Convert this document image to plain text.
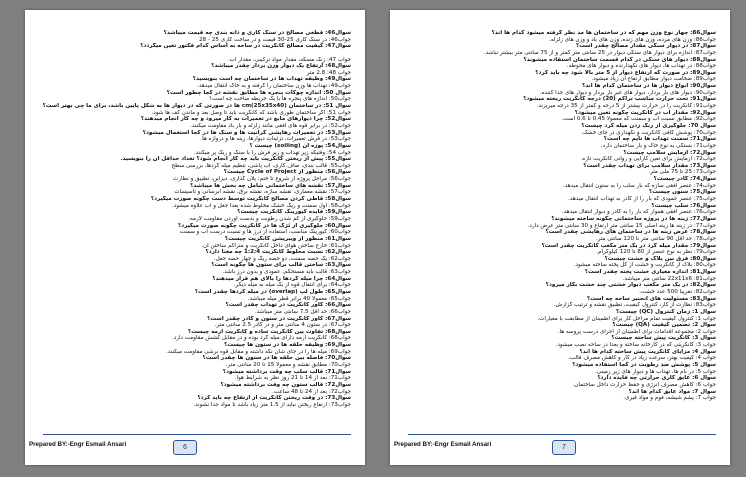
سوال46: قطعی مصالح در سنگ کاری و دانه بندی چه قیمت میباشد؟
جواب46: در سنگ کاری 25-30 قیمت و در ساخت کاری 25 - 28
سوال47: کیفیت مصالح کانکریت در ساحه به اساس کدام فکتور تعین میگردد؟
جواب 47: زنگ مسکه، مقدار مواد ترکیبی، مقدار آب.
سوال48: ارتفاع یک دیوار وزن بردار چقدر میباشد؟
جواب 48: 2.8 متر
سوال49: وظیفه تهداب ها در ساختمان چه است بنویسید؟
جواب49: تهداب ها وزن ساختمان را گرفته و به خاک انتقال میدهد.
سوال 50: اندازه چوکات پنجره ها مطابق نقشه در کجا چطور است؟
جواب50: اندازه های پنجره ها با یک حریطه ساخت چه است؟
سوال 51: در ساختمان (25x35x40)cm ها در صورتی که در دیوار ها به شکل پایین باشد، برای ما چی بهتر است؟
جواب 51: اگر ساختمان طوری باشد که کانکریت باید تا وصل بعد و ماندن کف ها شود.
سوال52: چرا دیوارهای مانع در تعمیرات به کار میرود و چه کار انجام میدهند؟
جواب52: در برابر قوه های افقی مانند زلزله و بار باد مقاومت میکنند.
سوال53: در تعمیرات رهایشی گرانیت ها و سنگ ها در کجا استعمال میشود؟
جواب53: در فرش تعمیرات، تزئینات دیوارها، زینه ها و دروازه ها.
سوال54: پوزه ان (soiling) چیست ؟
جواب 54: وقتیکه زیر تهداب و زیر فرش را با سنگ و ریگ پر میکنند.
سوال55: پیش از ریختن کانکریت باید چه کار انجام شود؟ تعداد حداقل آن را بنویسید.
جواب55: قالب بندی، صاف کاری، آب پاشی، تنظیم میله گردها، بررسی سطح
سوال56: منظور از Cycle of Project چیست؟
جواب56: مراحل پروژه از شروع تا ختم: پلان گذاری، دیزاین، تطبیق و نظارت
سوال57: نقشه های ساختمانی شامل چه بخش ها میباشد؟
جواب57: نقشه معماری، نقشه سازه، نقشه برق، نقشه آبرسانی و تأسیسات
سوال58: قاطی کردن مصالح کانکریت توسط دست چگونه صورت میگیرد؟
جواب58: اول سمنت و ریگ خشک مخلوط شده بعداً جغل و آب علاوه میشود.
سوال59: فایده کیورینگ کانکریت چیست؟
جواب59: جلوگیری از کم شدن رطوبت و بدست آوردن مقاومت لازمه.
سوال60: جلوگیری از تَرَک ها در کانکریت چگونه صورت میگیرد؟
جواب60: کیورینگ مناسب، استفاده از درز ها و نسبت درست آب و سمنت
سوال61: منظور از ویبریشن کانکریت چیست؟
جواب61: خارج ساختن هوای داخل کانکریت و متراکم ساختن آن.
سوال62: نسبت مخلوط کانکریت 1:2:4 چه معنا دارد؟
جواب62: یک حصه سمنت، دو حصه ریگ و چهار حصه جغل.
سوال63: ساختن قالب برای ستون ها چگونه است؟
جواب63: قالب باید مستحکم، عمودی و بدون درز باشد.
سوال64: چرا میله گردها را بالای هم قرار میدهند؟
جواب64: برای انتقال قوه از یک میله به میله دیگر.
سوال65: طول لپ (overlap) در میله گردها چقدر است؟
جواب65: معمولاً 40 برابر قطر میله میباشد.
سوال66: کاور کانکریت در تهداب چقدر است؟
جواب66: حد اقل 7.5 سانتی متر میباشد.
سوال67: کاور کانکریت در ستون و گادر چقدر است؟
جواب67: در ستون 4 سانتی متر و در گادر 2.5 سانتی متر.
سوال68: تفاوت بین کانکریت ساده و کانکریت آرمه چیست؟
جواب68: کانکریت آرمه دارای میله گرد بوده و در مقابل کشش مقاومت دارد.
سوال69: وظیفه حلقه ها در ستون ها چیست؟
جواب69: میله ها را در جای شان نگه داشته و مقابل قوه برشی مقاومت میکنند.
سوال70: فاصله بین حلقه ها در ستون ها چقدر است؟
جواب70: مطابق نقشه و معمولاً 15 تا 20 سانتی متر.
سوال71: قالب سلب چه وقت برداشته میشود؟
جواب71: بعد از 14 تا 21 روز نظر به شرایط هوا.
سوال72: قالب ستون چه وقت برداشته میشود؟
جواب72: بعد از 24 تا 48 ساعت.
سوال73: در وقت ریختن کانکریت از ارتفاع چه باید کرد؟
جواب73: ارتفاع ریختن نباید از 1.5 متر زیاد باشد تا مواد جدا نشوند.
Prepared BY:-Engr Esmail Ansari	6
سوال86: چهار نوع وزن مهم که در ساختمان ها مد نظر گرفته میشود کدام ها اند؟
جواب86: وزن های مرده، وزن های زنده، وزن های باد و وزن های زلزله.
سوال87: در دیوار سنگی مقدار مصالح چقدر است؟
جواب87: اندازه برای دیوار های سنگی دیوار در 25 سانتی متر کمتر و از 75 سانتی متر بیشتر نباشد.
سوال88: دیوار های سنگی در کدام قسمت ساختمان استفاده میشوند؟
جواب88: در تهداب ها، دیوار های نگهدارنده و دیوار های محوطه.
سوال89: در صورت که ارتفاع دیوار از 5 متر بالا شود چه باید کرد؟
جواب89: ضخامت دیوار مطابق ارتفاع آن زیاد میشود.
سوال90: انواع دیوار ها در ساختمان کدام ها اند؟
جواب90: دیوار های بار بردار، دیوار های غیر بار بردار و دیوار های جدا کننده.
سوال91: تحت حرارت مناسب تراکم (20) درجه کانکریت ریخته میشود؟
جواب91: کانکریت را در حرارت بیشتر از 5 درجه و کمتر از 35 درجه میریزند.
سوال92: مقدار آب در کانکریت چگونه تعین میشود؟
جواب92: مطابق نسبت آب و سمنت که معمولاً 0.45 تا 0.6 است.
سوال 70: جلوگیری از زنگ زدن میله گرد چیست؟
جواب70: پوشش کافی کانکریت و نگهداری در جای خشک.
سوال71: سمنت تهداب ها تایم چه است؟
جواب71: بستگی به نوع خاک و بار ساختمان دارد.
سوال72: آزمایش سلامپ چیست؟
جواب72: آزمایش برای تعین کارایی و روانی کانکریت تازه.
سوال73: مقدار سلامپ برای تهداب چقدر است؟
جواب73: 25 تا 75 ملی متر.
سوال74: گادر چیست؟
جواب74: عنصر افقی سازه که بار سلب را به ستون انتقال میدهد.
سوال75: ستون چیست؟
جواب75: عنصر عمودی که بار را از گادر به تهداب انتقال میدهد.
سوال76: سلب چیست؟
جواب76: عنصر افقی هموار که بار را به گادر و دیوار انتقال میدهد.
سوال77: زینه ها در پروژه ساختمانی چگونه ساخته میشوند؟
جواب77: در زینه ها زینه اصلی 15 سانتی متر ارتفاع و 30 سانتی متر عرض دارد.
سوال78: عرض زینه ها در ساختمان های رهایشی چقدر است؟
جواب78: حد اقل 90 سانتی متر تا 120 سانتی متر.
سوال79: مقدار میله گرد در یک متر مکعب کانکریت چقدر است؟
جواب79: نظر به نوع عنصر از 80 تا 120 کیلوگرام.
سوال80: فرق بین بلاک و خشت چیست؟
جواب80: بلاک از کانکریت و خشت از گل پخته ساخته میشود.
سوال81: اندازه معیاری خشت پخته چقدر است؟
جواب81: 22x11x6 سانتی متر میباشد.
سوال82: در یک متر مکعب دیوار خشتی چند خشت بکار میرود؟
جواب82: تقریباً 500 عدد خشت.
سوال83: مسئولیت های انجنیر ساحه چه است؟
جواب83: نظارت از کار، کنترول کیفیت، تطبیق نقشه و ترتیب گزارش.
سوال 1: زمان کنترول (QC) چیست؟
جواب 1: کنترول کیفیت تمام مراحل کار برای اطمینان از مطابقت با معیارات.
سوال 2: تضمین کیفیت (QA) چیست؟
جواب 2: مجموعه اقدامات برای اطمینان از اجرای درست پروسه ها.
سوال 3: کانکریت پیش ساخته چیست؟
جواب 3: کانکریتی که در کارخانه ساخته و بعداً در ساحه نصب میشود.
سوال 4: مزایای کانکریت پیش ساخته کدام ها اند؟
جواب 4: کیفیت بهتر، سرعت زیاد در کار و کاهش مصرف قالب.
سوال 5: پوشش ضد رطوبت در کجا استفاده میشود؟
جواب 5: در بام ها، تهداب ها و دیوار های زیر زمینی.
سوال 6: عایق کاری حرارتی چه فایده دارد؟
جواب 6: کاهش مصرف انرژی و حفظ حرارت داخل ساختمان.
سوال 7: مواد عایق کدام ها اند؟
جواب 7: پشم شیشه، فوم و مواد قیری.
Prepared BY:-Engr Esmail Ansari	7
